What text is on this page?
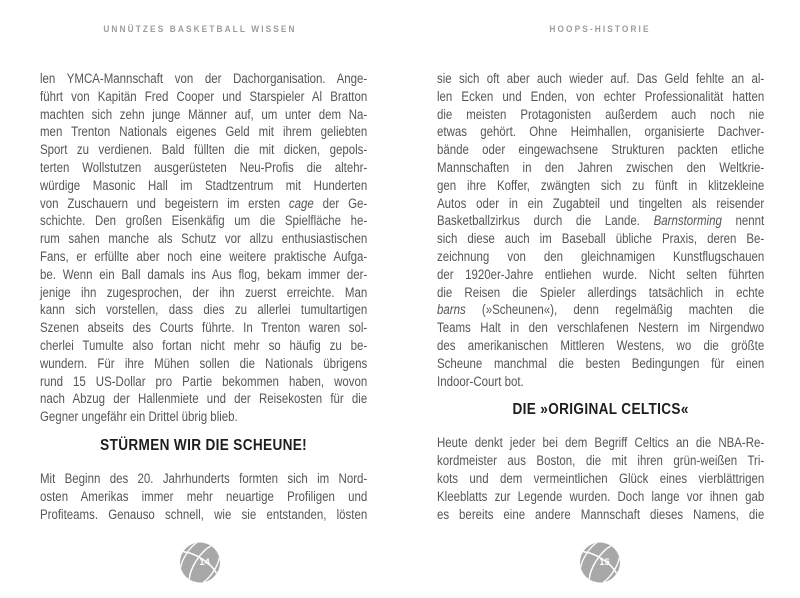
UNNÜTZES BASKETBALL WISSEN
len YMCA-Mannschaft von der Dachorganisation. Ange-
führt von Kapitän Fred Cooper und Starspieler Al Bratton
machten sich zehn junge Männer auf, um unter dem Na-
men Trenton Nationals eigenes Geld mit ihrem geliebten
Sport zu verdienen. Bald füllten die mit dicken, gepols-
terten Wollstutzen ausgerüsteten Neu-Profis die altehr-
würdige Masonic Hall im Stadtzentrum mit Hunderten
von Zuschauern und begeistern im ersten cage der Ge-
schichte. Den großen Eisenkäfig um die Spielfläche he-
rum sahen manche als Schutz vor allzu enthusiastischen
Fans, er erfüllte aber noch eine weitere praktische Aufga-
be. Wenn ein Ball damals ins Aus flog, bekam immer der-
jenige ihn zugesprochen, der ihn zuerst erreichte. Man
kann sich vorstellen, dass dies zu allerlei tumultartigen
Szenen abseits des Courts führte. In Trenton waren sol-
cherlei Tumulte also fortan nicht mehr so häufig zu be-
wundern. Für ihre Mühen sollen die Nationals übrigens
rund 15 US-Dollar pro Partie bekommen haben, wovon
nach Abzug der Hallenmiete und der Reisekosten für die
Gegner ungefähr ein Drittel übrig blieb.
STÜRMEN WIR DIE SCHEUNE!
Mit Beginn des 20. Jahrhunderts formten sich im Nord-
osten Amerikas immer mehr neuartige Profiligen und
Profiteams. Genauso schnell, wie sie entstanden, lösten
14
HOOPS-HISTORIE
sie sich oft aber auch wieder auf. Das Geld fehlte an al-
len Ecken und Enden, von echter Professionalität hatten
die meisten Protagonisten außerdem auch noch nie
etwas gehört. Ohne Heimhallen, organisierte Dachver-
bände oder eingewachsene Strukturen packten etliche
Mannschaften in den Jahren zwischen den Weltkrie-
gen ihre Koffer, zwängten sich zu fünft in klitzekleine
Autos oder in ein Zugabteil und tingelten als reisender
Basketballzirkus durch die Lande. Barnstorming nennt
sich diese auch im Baseball übliche Praxis, deren Be-
zeichnung von den gleichnamigen Kunstflugschauen
der 1920er-Jahre entliehen wurde. Nicht selten führten
die Reisen die Spieler allerdings tatsächlich in echte
barns (»Scheunen«), denn regelmäßig machten die
Teams Halt in den verschlafenen Nestern im Nirgendwo
des amerikanischen Mittleren Westens, wo die größte
Scheune manchmal die besten Bedingungen für einen
Indoor-Court bot.
DIE »ORIGINAL CELTICS«
Heute denkt jeder bei dem Begriff Celtics an die NBA-Re-
kordmeister aus Boston, die mit ihren grün-weißen Tri-
kots und dem vermeintlichen Glück eines vierblättrigen
Kleeblatts zur Legende wurden. Doch lange vor ihnen gab
es bereits eine andere Mannschaft dieses Namens, die
15
